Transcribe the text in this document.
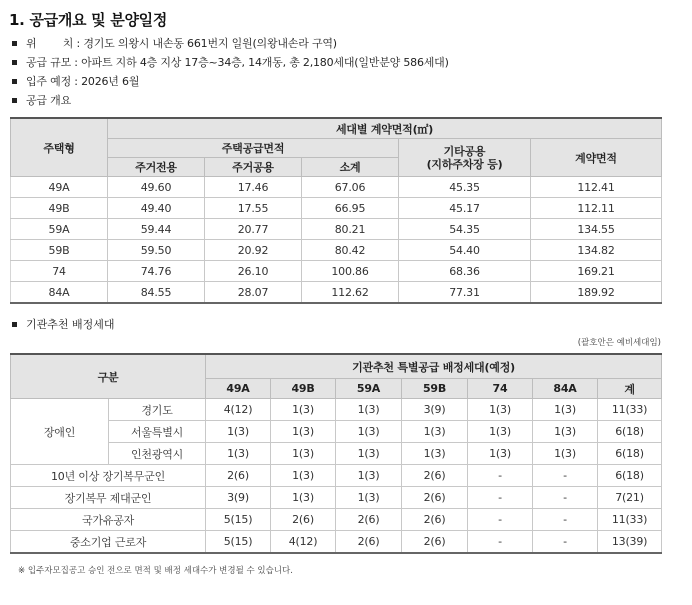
1. 공급개요 및 분양일정
위        치 : 경기도 의왕시 내손동 661번지 일원(의왕내손라 구역)
공급 규모 : 아파트 지하 4층 지상 17층~34층, 14개동, 총 2,180세대(일반분양 586세대)
입주 예정 : 2026년 6월
공급 개요
주택형	세대별 계약면적(㎡)				
	주택공급면적			기타공용
(지하주차장 등)	계약면적
	주거전용	주거공용	소계		
49A	49.60	17.46	67.06	45.35	112.41
49B	49.40	17.55	66.95	45.17	112.11
59A	59.44	20.77	80.21	54.35	134.55
59B	59.50	20.92	80.42	54.40	134.82
74	74.76	26.10	100.86	68.36	169.21
84A	84.55	28.07	112.62	77.31	189.92
기관추천 배정세대
(괄호안은 예비세대임)
구분		기관추천 특별공급 배정세대(예정)						
		49A	49B	59A	59B	74	84A	계
장애인	경기도	4(12)	1(3)	1(3)	3(9)	1(3)	1(3)	11(33)
	서울특별시	1(3)	1(3)	1(3)	1(3)	1(3)	1(3)	6(18)
	인천광역시	1(3)	1(3)	1(3)	1(3)	1(3)	1(3)	6(18)
10년 이상 장기복무군인		2(6)	1(3)	1(3)	2(6)	-	-	6(18)
장기복무 제대군인		3(9)	1(3)	1(3)	2(6)	-	-	7(21)
국가유공자		5(15)	2(6)	2(6)	2(6)	-	-	11(33)
중소기업 근로자		5(15)	4(12)	2(6)	2(6)	-	-	13(39)
※ 입주자모집공고 승인 전으로 면적 및 배정 세대수가 변경될 수 있습니다.
